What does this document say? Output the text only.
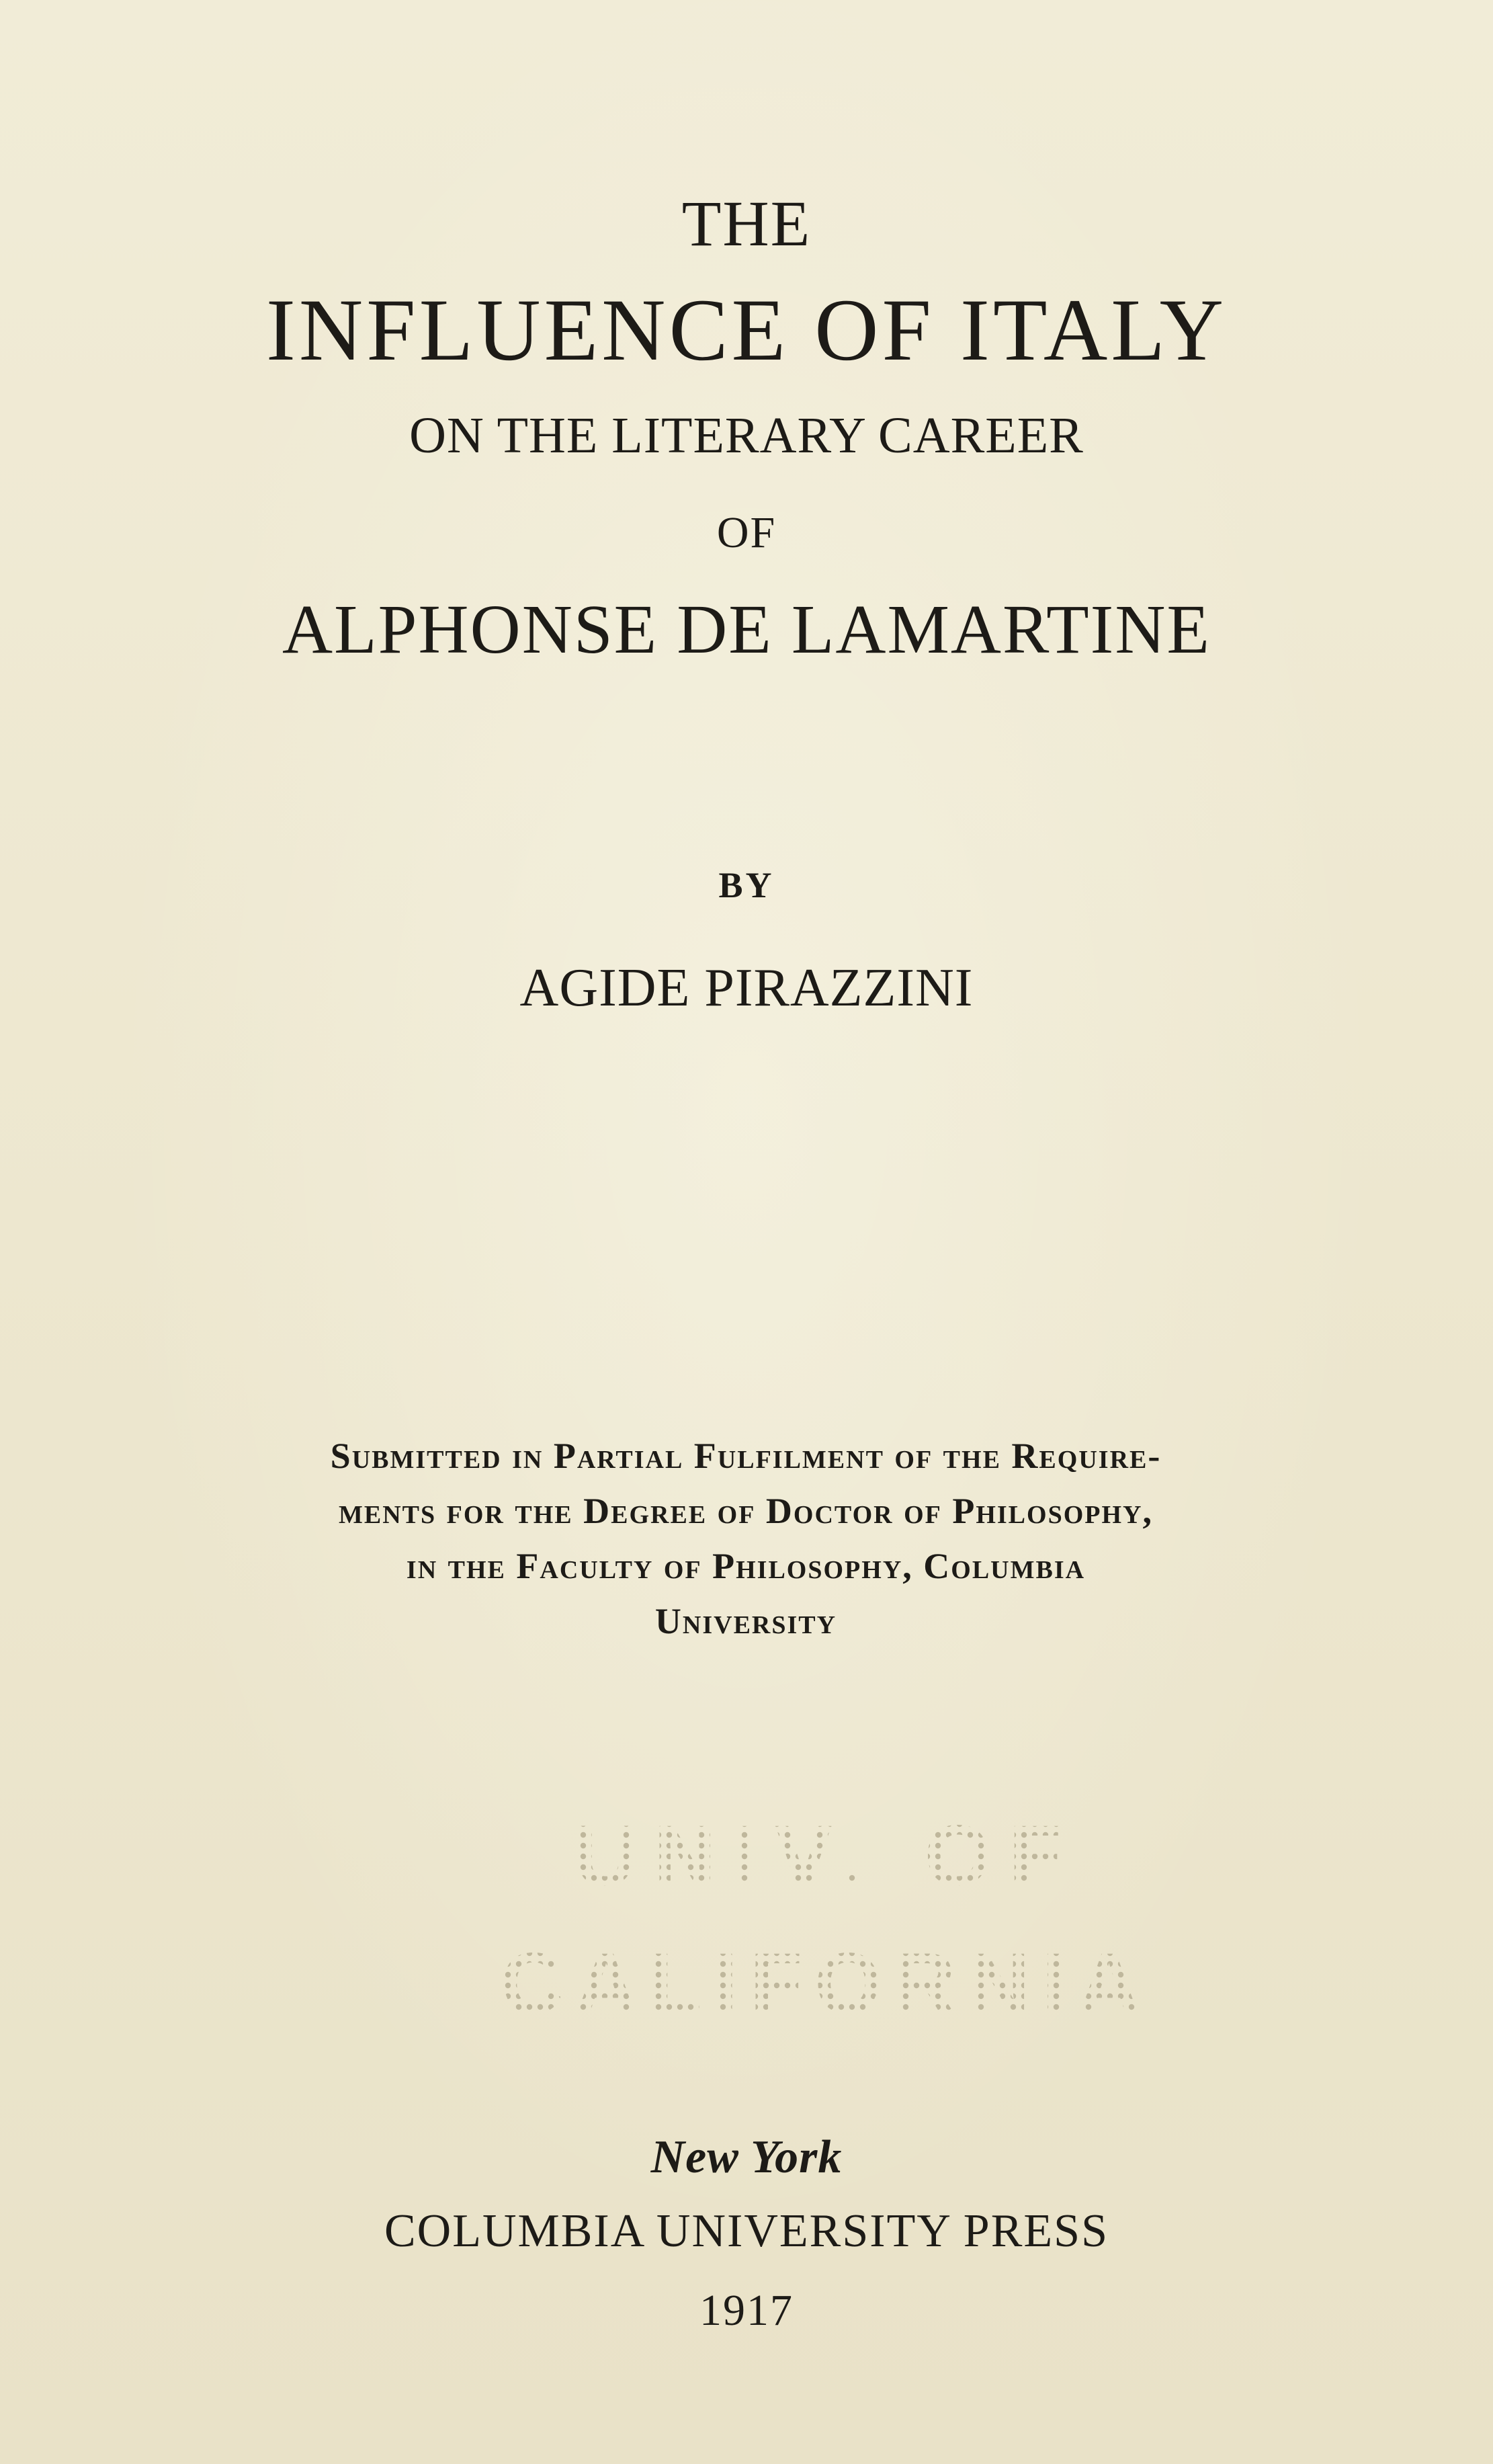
THE
INFLUENCE OF ITALY
ON THE LITERARY CAREER
OF
ALPHONSE DE LAMARTINE
BY
AGIDE PIRAZZINI
Submitted in Partial Fulfilment of the Require-
ments for the Degree of Doctor of Philosophy,
in the Faculty of Philosophy, Columbia
University
UNIV. OF
CALIFORNIA
New York
COLUMBIA UNIVERSITY PRESS
1917
